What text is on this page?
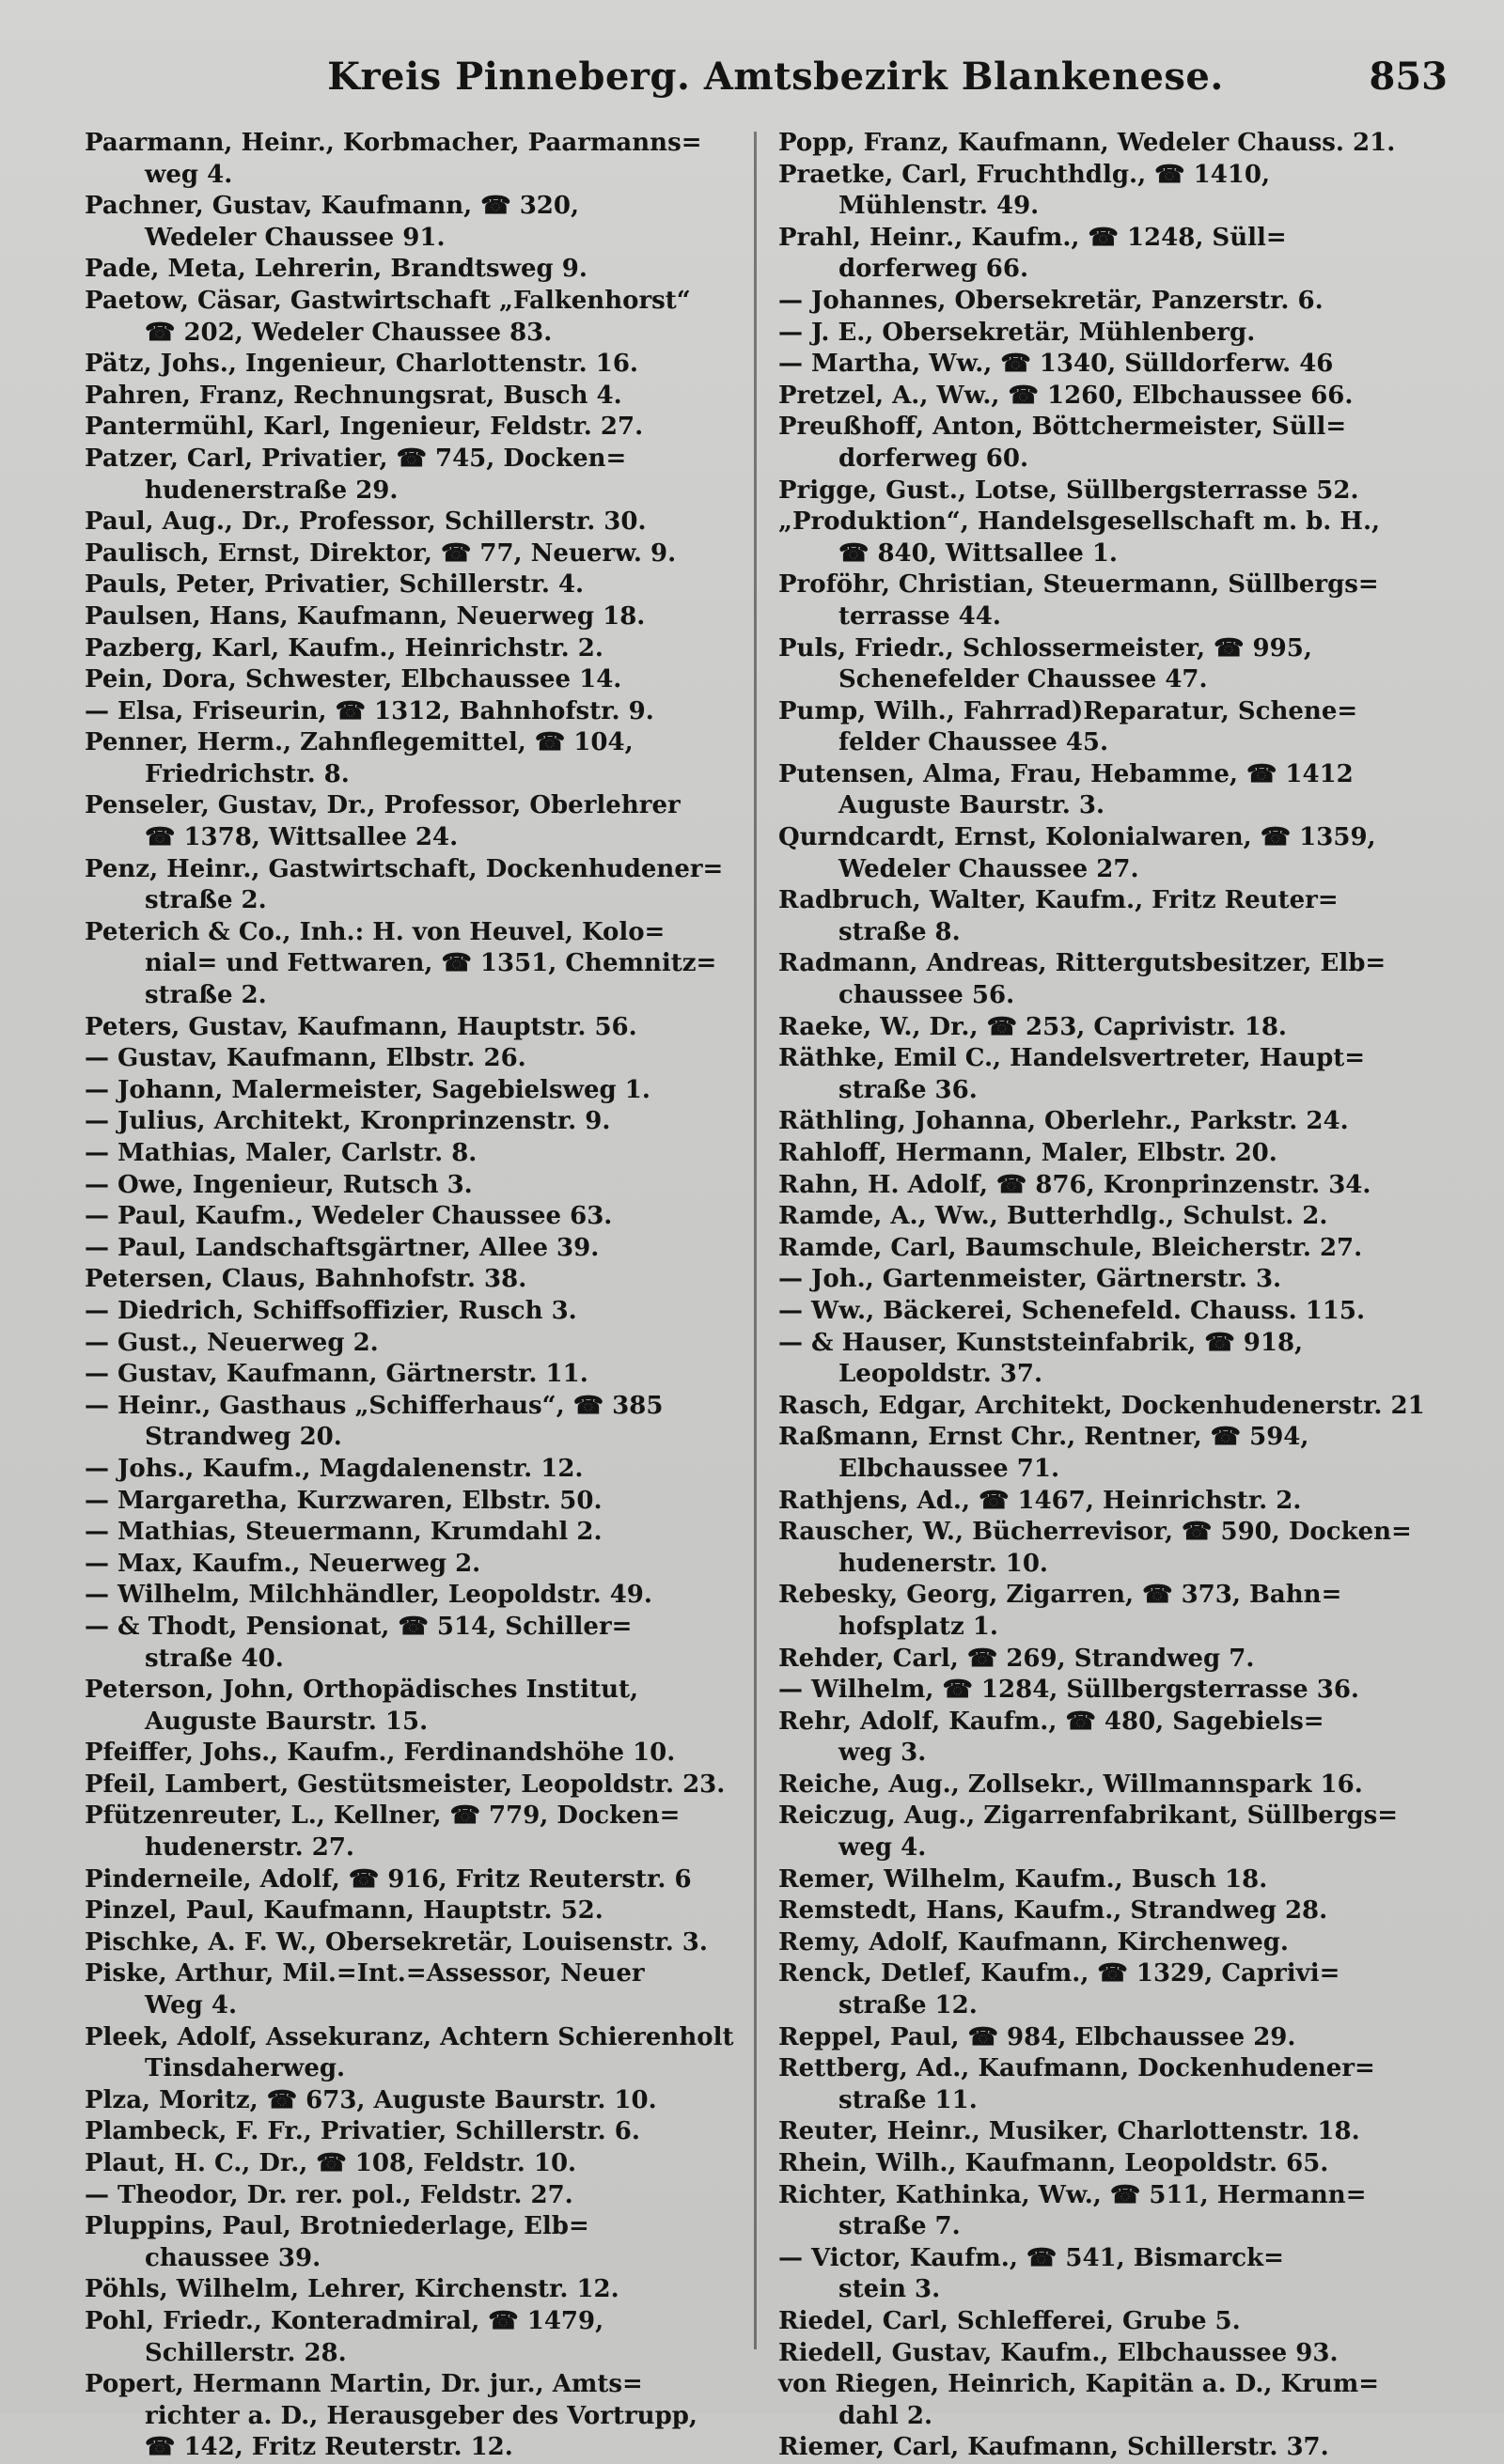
Kreis Pinneberg. Amtsbezirk Blankenese.	853
Paarmann, Heinr., Korbmacher, Paarmanns=
weg 4.
Pachner, Gustav, Kaufmann, ☎ 320,
Wedeler Chaussee 91.
Pade, Meta, Lehrerin, Brandtsweg 9.
Paetow, Cäsar, Gastwirtschaft „Falkenhorst“
☎ 202, Wedeler Chaussee 83.
Pätz, Johs., Ingenieur, Charlottenstr. 16.
Pahren, Franz, Rechnungsrat, Busch 4.
Pantermühl, Karl, Ingenieur, Feldstr. 27.
Patzer, Carl, Privatier, ☎ 745, Docken=
hudenerstraße 29.
Paul, Aug., Dr., Professor, Schillerstr. 30.
Paulisch, Ernst, Direktor, ☎ 77, Neuerw. 9.
Pauls, Peter, Privatier, Schillerstr. 4.
Paulsen, Hans, Kaufmann, Neuerweg 18.
Pazberg, Karl, Kaufm., Heinrichstr. 2.
Pein, Dora, Schwester, Elbchaussee 14.
— Elsa, Friseurin, ☎ 1312, Bahnhofstr. 9.
Penner, Herm., Zahnflegemittel, ☎ 104,
Friedrichstr. 8.
Penseler, Gustav, Dr., Professor, Oberlehrer
☎ 1378, Wittsallee 24.
Penz, Heinr., Gastwirtschaft, Dockenhudener=
straße 2.
Peterich & Co., Inh.: H. von Heuvel, Kolo=
nial= und Fettwaren, ☎ 1351, Chemnitz=
straße 2.
Peters, Gustav, Kaufmann, Hauptstr. 56.
— Gustav, Kaufmann, Elbstr. 26.
— Johann, Malermeister, Sagebielsweg 1.
— Julius, Architekt, Kronprinzenstr. 9.
— Mathias, Maler, Carlstr. 8.
— Owe, Ingenieur, Rutsch 3.
— Paul, Kaufm., Wedeler Chaussee 63.
— Paul, Landschaftsgärtner, Allee 39.
Petersen, Claus, Bahnhofstr. 38.
— Diedrich, Schiffsoffizier, Rusch 3.
— Gust., Neuerweg 2.
— Gustav, Kaufmann, Gärtnerstr. 11.
— Heinr., Gasthaus „Schifferhaus“, ☎ 385
Strandweg 20.
— Johs., Kaufm., Magdalenenstr. 12.
— Margaretha, Kurzwaren, Elbstr. 50.
— Mathias, Steuermann, Krumdahl 2.
— Max, Kaufm., Neuerweg 2.
— Wilhelm, Milchhändler, Leopoldstr. 49.
— & Thodt, Pensionat, ☎ 514, Schiller=
straße 40.
Peterson, John, Orthopädisches Institut,
Auguste Baurstr. 15.
Pfeiffer, Johs., Kaufm., Ferdinandshöhe 10.
Pfeil, Lambert, Gestütsmeister, Leopoldstr. 23.
Pfützenreuter, L., Kellner, ☎ 779, Docken=
hudenerstr. 27.
Pinderneile, Adolf, ☎ 916, Fritz Reuterstr. 6
Pinzel, Paul, Kaufmann, Hauptstr. 52.
Pischke, A. F. W., Obersekretär, Louisenstr. 3.
Piske, Arthur, Mil.=Int.=Assessor, Neuer
Weg 4.
Pleek, Adolf, Assekuranz, Achtern Schierenholt
Tinsdaherweg.
Plza, Moritz, ☎ 673, Auguste Baurstr. 10.
Plambeck, F. Fr., Privatier, Schillerstr. 6.
Plaut, H. C., Dr., ☎ 108, Feldstr. 10.
— Theodor, Dr. rer. pol., Feldstr. 27.
Pluppins, Paul, Brotniederlage, Elb=
chaussee 39.
Pöhls, Wilhelm, Lehrer, Kirchenstr. 12.
Pohl, Friedr., Konteradmiral, ☎ 1479,
Schillerstr. 28.
Popert, Hermann Martin, Dr. jur., Amts=
richter a. D., Herausgeber des Vortrupp,
☎ 142, Fritz Reuterstr. 12.
Popp, Franz, Kaufmann, Wedeler Chauss. 21.
Praetke, Carl, Fruchthdlg., ☎ 1410,
Mühlenstr. 49.
Prahl, Heinr., Kaufm., ☎ 1248, Süll=
dorferweg 66.
— Johannes, Obersekretär, Panzerstr. 6.
— J. E., Obersekretär, Mühlenberg.
— Martha, Ww., ☎ 1340, Sülldorferw. 46
Pretzel, A., Ww., ☎ 1260, Elbchaussee 66.
Preußhoff, Anton, Böttchermeister, Süll=
dorferweg 60.
Prigge, Gust., Lotse, Süllbergsterrasse 52.
„Produktion“, Handelsgesellschaft m. b. H.,
☎ 840, Wittsallee 1.
Proföhr, Christian, Steuermann, Süllbergs=
terrasse 44.
Puls, Friedr., Schlossermeister, ☎ 995,
Schenefelder Chaussee 47.
Pump, Wilh., Fahrrad)Reparatur, Schene=
felder Chaussee 45.
Putensen, Alma, Frau, Hebamme, ☎ 1412
Auguste Baurstr. 3.
Qurndcardt, Ernst, Kolonialwaren, ☎ 1359,
Wedeler Chaussee 27.
Radbruch, Walter, Kaufm., Fritz Reuter=
straße 8.
Radmann, Andreas, Rittergutsbesitzer, Elb=
chaussee 56.
Raeke, W., Dr., ☎ 253, Caprivistr. 18.
Räthke, Emil C., Handelsvertreter, Haupt=
straße 36.
Räthling, Johanna, Oberlehr., Parkstr. 24.
Rahloff, Hermann, Maler, Elbstr. 20.
Rahn, H. Adolf, ☎ 876, Kronprinzenstr. 34.
Ramde, A., Ww., Butterhdlg., Schulst. 2.
Ramde, Carl, Baumschule, Bleicherstr. 27.
— Joh., Gartenmeister, Gärtnerstr. 3.
— Ww., Bäckerei, Schenefeld. Chauss. 115.
— & Hauser, Kunststeinfabrik, ☎ 918,
Leopoldstr. 37.
Rasch, Edgar, Architekt, Dockenhudenerstr. 21
Raßmann, Ernst Chr., Rentner, ☎ 594,
Elbchaussee 71.
Rathjens, Ad., ☎ 1467, Heinrichstr. 2.
Rauscher, W., Bücherrevisor, ☎ 590, Docken=
hudenerstr. 10.
Rebesky, Georg, Zigarren, ☎ 373, Bahn=
hofsplatz 1.
Rehder, Carl, ☎ 269, Strandweg 7.
— Wilhelm, ☎ 1284, Süllbergsterrasse 36.
Rehr, Adolf, Kaufm., ☎ 480, Sagebiels=
weg 3.
Reiche, Aug., Zollsekr., Willmannspark 16.
Reiczug, Aug., Zigarrenfabrikant, Süllbergs=
weg 4.
Remer, Wilhelm, Kaufm., Busch 18.
Remstedt, Hans, Kaufm., Strandweg 28.
Remy, Adolf, Kaufmann, Kirchenweg.
Renck, Detlef, Kaufm., ☎ 1329, Caprivi=
straße 12.
Reppel, Paul, ☎ 984, Elbchaussee 29.
Rettberg, Ad., Kaufmann, Dockenhudener=
straße 11.
Reuter, Heinr., Musiker, Charlottenstr. 18.
Rhein, Wilh., Kaufmann, Leopoldstr. 65.
Richter, Kathinka, Ww., ☎ 511, Hermann=
straße 7.
— Victor, Kaufm., ☎ 541, Bismarck=
stein 3.
Riedel, Carl, Schlefferei, Grube 5.
Riedell, Gustav, Kaufm., Elbchaussee 93.
von Riegen, Heinrich, Kapitän a. D., Krum=
dahl 2.
Riemer, Carl, Kaufmann, Schillerstr. 37.
